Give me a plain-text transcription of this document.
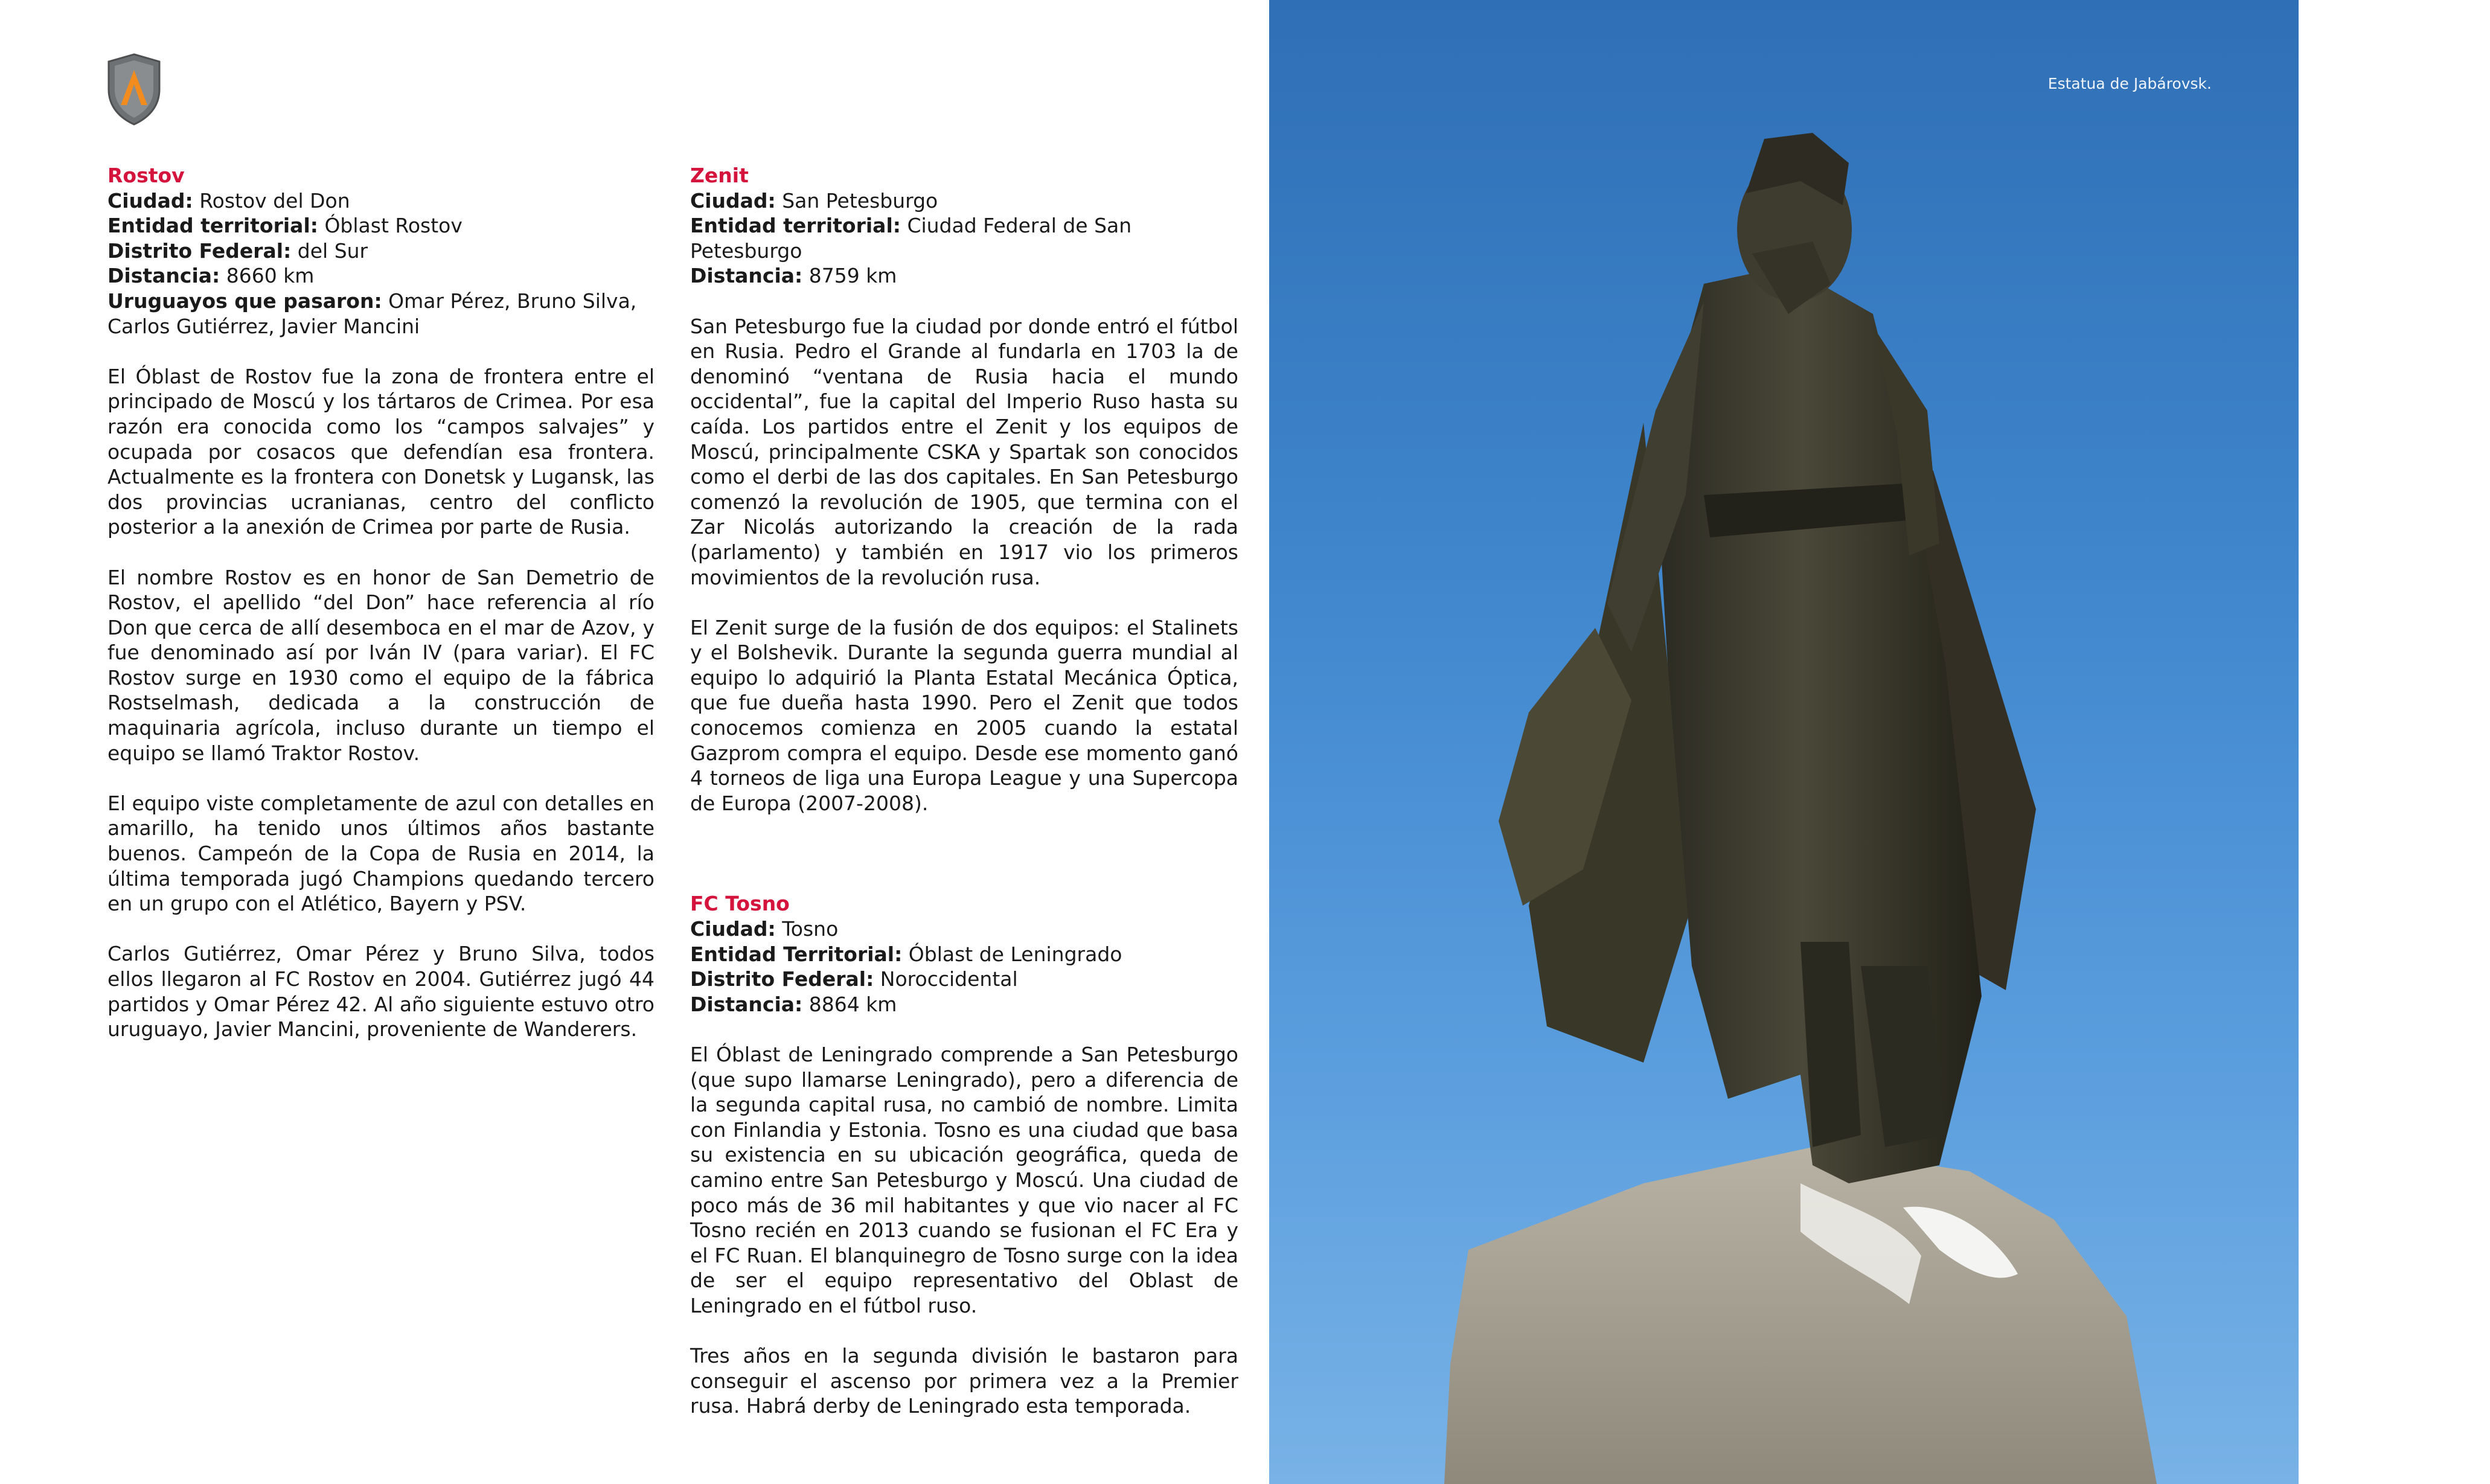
Rostov

Ciudad: Rostov del Don

Entidad territorial: Óblast Rostov

Distrito Federal: del Sur

Distancia: 8660 km

Uruguayos que pasaron: Omar Pérez, Bruno Silva, Carlos Gutiérrez, Javier Mancini

El Óblast de Rostov fue la zona de frontera entre el principado de Moscú y los tártaros de Crimea. Por esa razón era conocida como los “campos salvajes” y ocupada por cosacos que defendían esa frontera. Actualmente es la frontera con Donetsk y Lugansk, las dos provincias ucranianas, centro del conflicto posterior a la anexión de Crimea por parte de Rusia.

El nombre Rostov es en honor de San Demetrio de Rostov, el apellido “del Don” hace referencia al río Don que cerca de allí desemboca en el mar de Azov, y fue denominado así por Iván IV (para variar). El FC Rostov surge en 1930 como el equipo de la fábrica Rostselmash, dedicada a la construcción de maquinaria agrícola, incluso durante un tiempo el equipo se llamó Traktor Rostov.

El equipo viste completamente de azul con detalles en amarillo, ha tenido unos últimos años bastante buenos. Campeón de la Copa de Rusia en 2014, la última temporada jugó Champions quedando tercero en un grupo con el Atlético, Bayern y PSV.

Carlos Gutiérrez, Omar Pérez y Bruno Silva, todos ellos llegaron al FC Rostov en 2004. Gutiérrez jugó 44 partidos y Omar Pérez 42. Al año siguiente estuvo otro uruguayo, Javier Mancini, proveniente de Wanderers.

Zenit

Ciudad: San Petesburgo

Entidad territorial: Ciudad Federal de San Petesburgo

Distancia: 8759 km

San Petesburgo fue la ciudad por donde entró el fútbol en Rusia. Pedro el Grande al fundarla en 1703 la de denominó “ventana de Rusia hacia el mundo occidental”, fue la capital del Imperio Ruso hasta su caída. Los partidos entre el Zenit y los equipos de Moscú, principalmente CSKA y Spartak son conocidos como el derbi de las dos capitales. En San Petesburgo comenzó la revolución de 1905, que termina con el Zar Nicolás autorizando la creación de la rada (parlamento) y también en 1917 vio los primeros movimientos de la revolución rusa.

El Zenit surge de la fusión de dos equipos: el Stalinets y el Bolshevik. Durante la segunda guerra mundial al equipo lo adquirió la Planta Estatal Mecánica Óptica, que fue dueña hasta 1990. Pero el Zenit que todos conocemos comienza en 2005 cuando la estatal Gazprom compra el equipo. Desde ese momento ganó 4 torneos de liga una Europa League y una Supercopa de Europa (2007-2008).

FC Tosno

Ciudad: Tosno

Entidad Territorial: Óblast de Leningrado

Distrito Federal: Noroccidental

Distancia: 8864 km

El Óblast de Leningrado comprende a San Petesburgo (que supo llamarse Leningrado), pero a diferencia de la segunda capital rusa, no cambió de nombre. Limita con Finlandia y Estonia. Tosno es una ciudad que basa su existencia en su ubicación geográfica, queda de camino entre San Petesburgo y Moscú. Una ciudad de poco más de 36 mil habitantes y que vio nacer al FC Tosno recién en 2013 cuando se fusionan el FC Era y el FC Ruan. El blanquinegro de Tosno surge con la idea de ser el equipo representativo del Oblast de Leningrado en el fútbol ruso.

Tres años en la segunda división le bastaron para conseguir el ascenso por primera vez a la Premier rusa. Habrá derby de Leningrado esta temporada.

Estatua de Jabárovsk.
